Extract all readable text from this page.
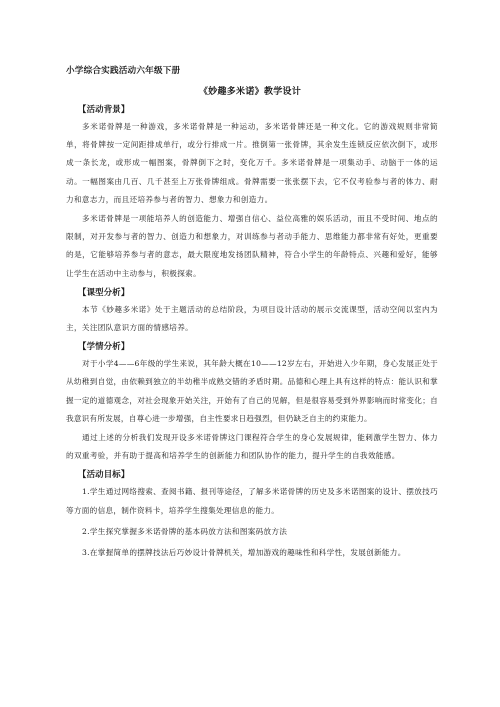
小学综合实践活动六年级下册
《妙趣多米诺》教学设计
【活动背景】

多米诺骨牌是一种游戏，多米诺骨牌是一种运动，多米诺骨牌还是一种文化。它的游戏规则非常简单，将骨牌按一定间距排成单行，或分行排成一片。推倒第一张骨牌，其余发生连锁反应依次倒下，或形成一条长龙，或形成一幅图案，骨牌倒下之时，变化万千。多米诺骨牌是一项集动手、动脑于一体的运动。一幅图案由几百、几千甚至上万张骨牌组成。骨牌需要一张张摆下去，它不仅考验参与者的体力、耐力和意志力，而且还培养参与者的智力、想象力和创造力。

多米诺骨牌是一项能培养人的创造能力、增强自信心、益位高雅的娱乐活动，而且不受时间、地点的限制，对开发参与者的智力、创造力和想象力，对训练参与者动手能力、思维能力都非常有好处，更重要的是，它能够培养参与者的意志，最大限度地发扬团队精神，符合小学生的年龄特点、兴趣和爱好，能够让学生在活动中主动参与，积极探索。

【课型分析】

本节《妙趣多米诺》处于主题活动的总结阶段，为项目设计活动的展示交流课型，活动空间以室内为主，关注团队意识方面的情感培养。

【学情分析】

对于小学4——6年级的学生来说，其年龄大概在10——12岁左右，开始进入少年期，身心发展正处于从幼稚到自觉，由依赖到独立的半幼稚半成熟交错的矛盾时期。品德和心理上具有这样的特点：能认识和掌握一定的道德观念，对社会现象开始关注，开始有了自己的见解，但是很容易受到外界影响而时常变化；自我意识有所发展，自尊心进一步增强，自主性要求日趋强烈，但仍缺乏自主的约束能力。

通过上述的分析我们发现开设多米诺骨牌这门课程符合学生的身心发展规律，能刺激学生智力、体力的双重考验，并有助于提高和培养学生的创新能力和团队协作的能力，提升学生的自我效能感。

【活动目标】

1.学生通过网络搜索、查阅书籍、报刊等途径，了解多米诺骨牌的历史及多米诺图案的设计、摆放技巧等方面的信息，制作资料卡，培养学生搜集处理信息的能力。

2.学生探究掌握多米诺骨牌的基本码放方法和图案码放方法

3.在掌握简单的摆牌技法后巧妙设计骨牌机关，增加游戏的趣味性和科学性，发展创新能力。
